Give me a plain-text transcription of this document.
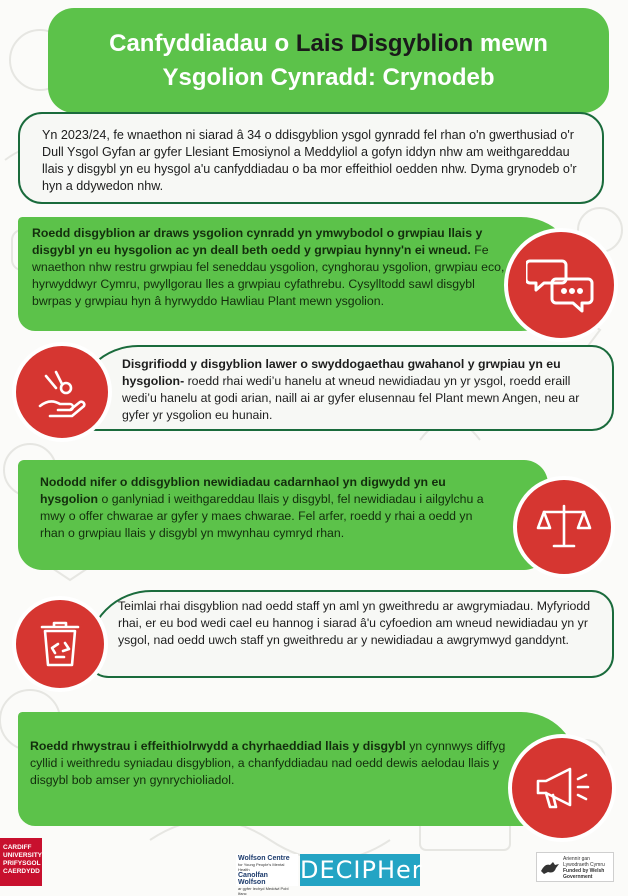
Canfyddiadau o Lais Disgyblion mewn
Ysgolion Cynradd: Crynodeb
Yn 2023/24, fe wnaethon ni siarad â 34 o ddisgyblion ysgol gynradd fel rhan o'n gwerthusiad o'r Dull Ysgol Gyfan ar gyfer Llesiant Emosiynol a Meddyliol a gofyn iddyn nhw am weithgareddau llais y disgybl yn eu hysgol a'u canfyddiadau o ba mor effeithiol oedden nhw. Dyma grynodeb o'r hyn a ddywedon nhw.
Roedd disgyblion ar draws ysgolion cynradd yn ymwybodol o grwpiau llais y disgybl yn eu hysgolion ac yn deall beth oedd y grwpiau hynny'n ei wneud. Fe wnaethon nhw restru grwpiau fel seneddau ysgolion, cynghorau ysgolion, grwpiau eco, hyrwyddwyr Cymru, pwyllgorau lles a grwpiau cyfathrebu. Cysylltodd sawl disgybl bwrpas y grwpiau hyn â hyrwyddo Hawliau Plant mewn ysgolion.
Disgrifiodd y disgyblion lawer o swyddogaethau gwahanol y grwpiau yn eu hysgolion- roedd rhai wedi’u hanelu at wneud newidiadau yn yr ysgol, roedd eraill wedi’u hanelu at godi arian, naill ai ar gyfer elusennau fel Plant mewn Angen, neu ar gyfer yr ysgolion eu hunain.
Nododd nifer o ddisgyblion newidiadau cadarnhaol yn digwydd yn eu hysgolion o ganlyniad i weithgareddau llais y disgybl, fel newidiadau i ailgylchu a mwy o offer chwarae ar gyfer y maes chwarae. Fel arfer, roedd y rhai a oedd yn rhan o grwpiau llais y disgybl yn mwynhau cymryd rhan.
Teimlai rhai disgyblion nad oedd staff yn aml yn gweithredu ar awgrymiadau. Myfyriodd rhai, er eu bod wedi cael eu hannog i siarad â'u cyfoedion am wneud newidiadau yn yr ysgol, nad oedd uwch staff yn gweithredu ar y newidiadau a awgrymwyd ganddynt.
Roedd rhwystrau i effeithiolrwydd a chyrhaeddiad llais y disgybl yn cynnwys diffyg cyllid i weithredu syniadau disgyblion, a chanfyddiadau nad oedd dewis aelodau llais y disgybl bob amser yn gynrychioliadol.
CARDIFF
UNIVERSITY
PRIFYSGOL
CAERDYDD
Wolfson Centre
for Young People's Mental Health
Canolfan Wolfson
ar gyfer Iechyd Meddwl Pobl Ifanc
DECIPHer	Ariennir gan Lywodraeth Cymru
Funded by Welsh Government
